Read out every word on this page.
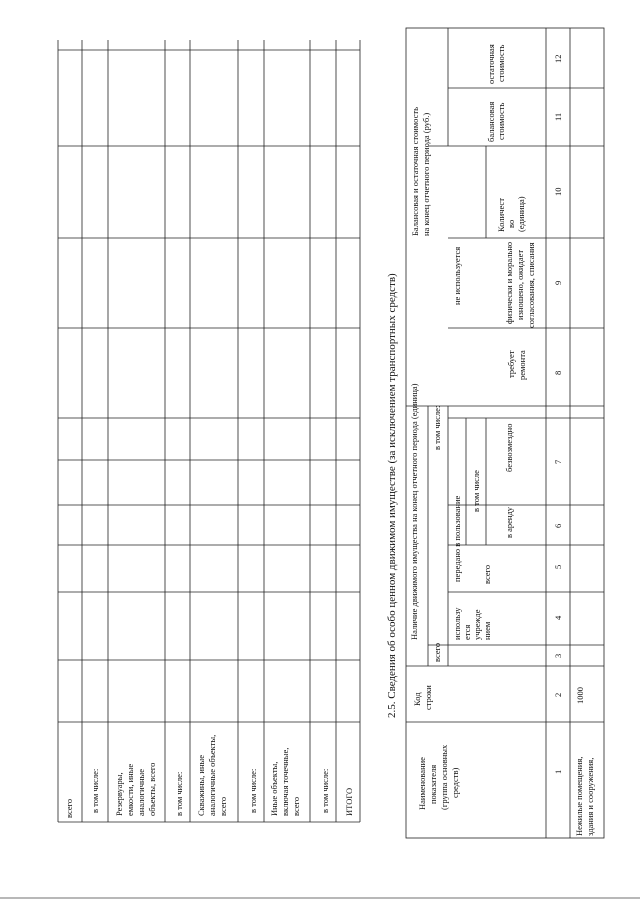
всего в том числе: Резервуары, емкости, иные аналогичные объекты, всего в том числе: Скважины, иные аналогичные объекты, всего в том числе: Иные объекты, включая точечные, всего в том числе: ИТОГО
2.5. Сведения об особо ценном движимом имуществе (за исключением транспортных средств)
Наименование показателя (группа основных средств)
Код строки
Наличие движимого имущества на конец отчетного периода (единица)
всего
в том числе:
использу ется учрежде нием
передано в пользование всего
в том числе
в аренду
безвозмездно
не используется
требует ремонта
физически и морально изношено, ожидает согласования, списания
Балансовая и остаточная стоимость на конец отчетного периода (руб.)	Количест во (единица)
балансовая стоимость
остаточная стоимость
1
2
3
4
5
6
7
8
9
10
11
12
Нежилые помещения, здания и сооружения,
1000
